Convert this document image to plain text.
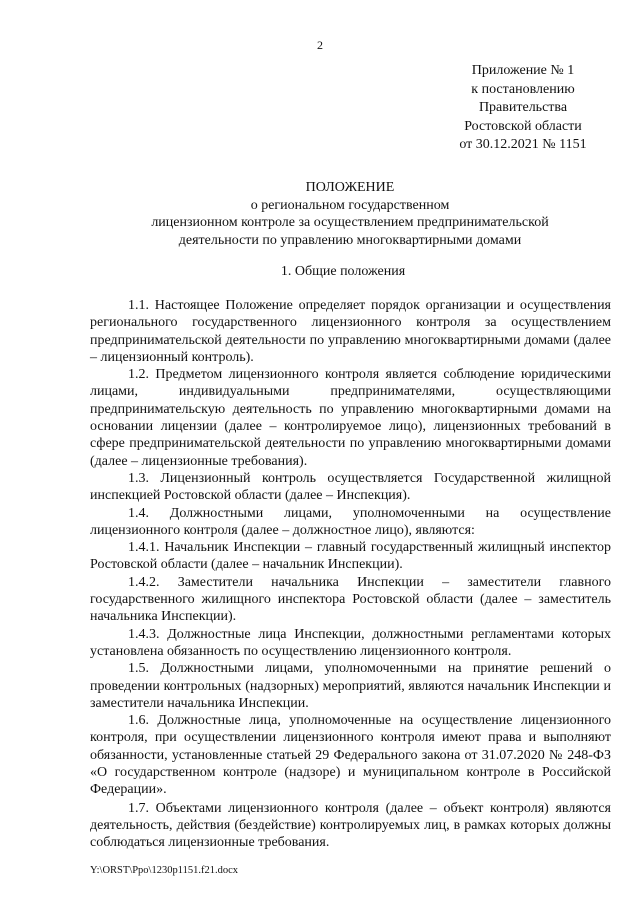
2
Приложение № 1
к постановлению
Правительства
Ростовской области
от 30.12.2021 № 1151
ПОЛОЖЕНИЕ
о региональном государственном
лицензионном контроле за осуществлением предпринимательской
деятельности по управлению многоквартирными домами
1. Общие положения

1.1. Настоящее Положение определяет порядок организации и осуществления регионального государственного лицензионного контроля за осуществлением предпринимательской деятельности по управлению многоквартирными домами (далее – лицензионный контроль).

1.2. Предметом лицензионного контроля является соблюдение юридическими лицами, индивидуальными предпринимателями, осуществляющими предпринимательскую деятельность по управлению многоквартирными домами на основании лицензии (далее – контролируемое лицо), лицензионных требований в сфере предпринимательской деятельности по управлению многоквартирными домами (далее – лицензионные требования).

1.3. Лицензионный контроль осуществляется Государственной жилищной инспекцией Ростовской области (далее – Инспекция).

1.4. Должностными лицами, уполномоченными на осуществление лицензионного контроля (далее – должностное лицо), являются:

1.4.1. Начальник Инспекции – главный государственный жилищный инспектор Ростовской области (далее – начальник Инспекции).

1.4.2. Заместители начальника Инспекции – заместители главного государственного жилищного инспектора Ростовской области (далее – заместитель начальника Инспекции).

1.4.3. Должностные лица Инспекции, должностными регламентами которых установлена обязанность по осуществлению лицензионного контроля.

1.5. Должностными лицами, уполномоченными на принятие решений о проведении контрольных (надзорных) мероприятий, являются начальник Инспекции и заместители начальника Инспекции.

1.6. Должностные лица, уполномоченные на осуществление лицензионного контроля, при осуществлении лицензионного контроля имеют права и выполняют обязанности, установленные статьей 29 Федерального закона от 31.07.2020 № 248-ФЗ «О государственном контроле (надзоре) и муниципальном контроле в Российской Федерации».

1.7. Объектами лицензионного контроля (далее – объект контроля) являются деятельность, действия (бездействие) контролируемых лиц, в рамках которых должны соблюдаться лицензионные требования.

Y:\ORST\Ppo\1230p1151.f21.docx
